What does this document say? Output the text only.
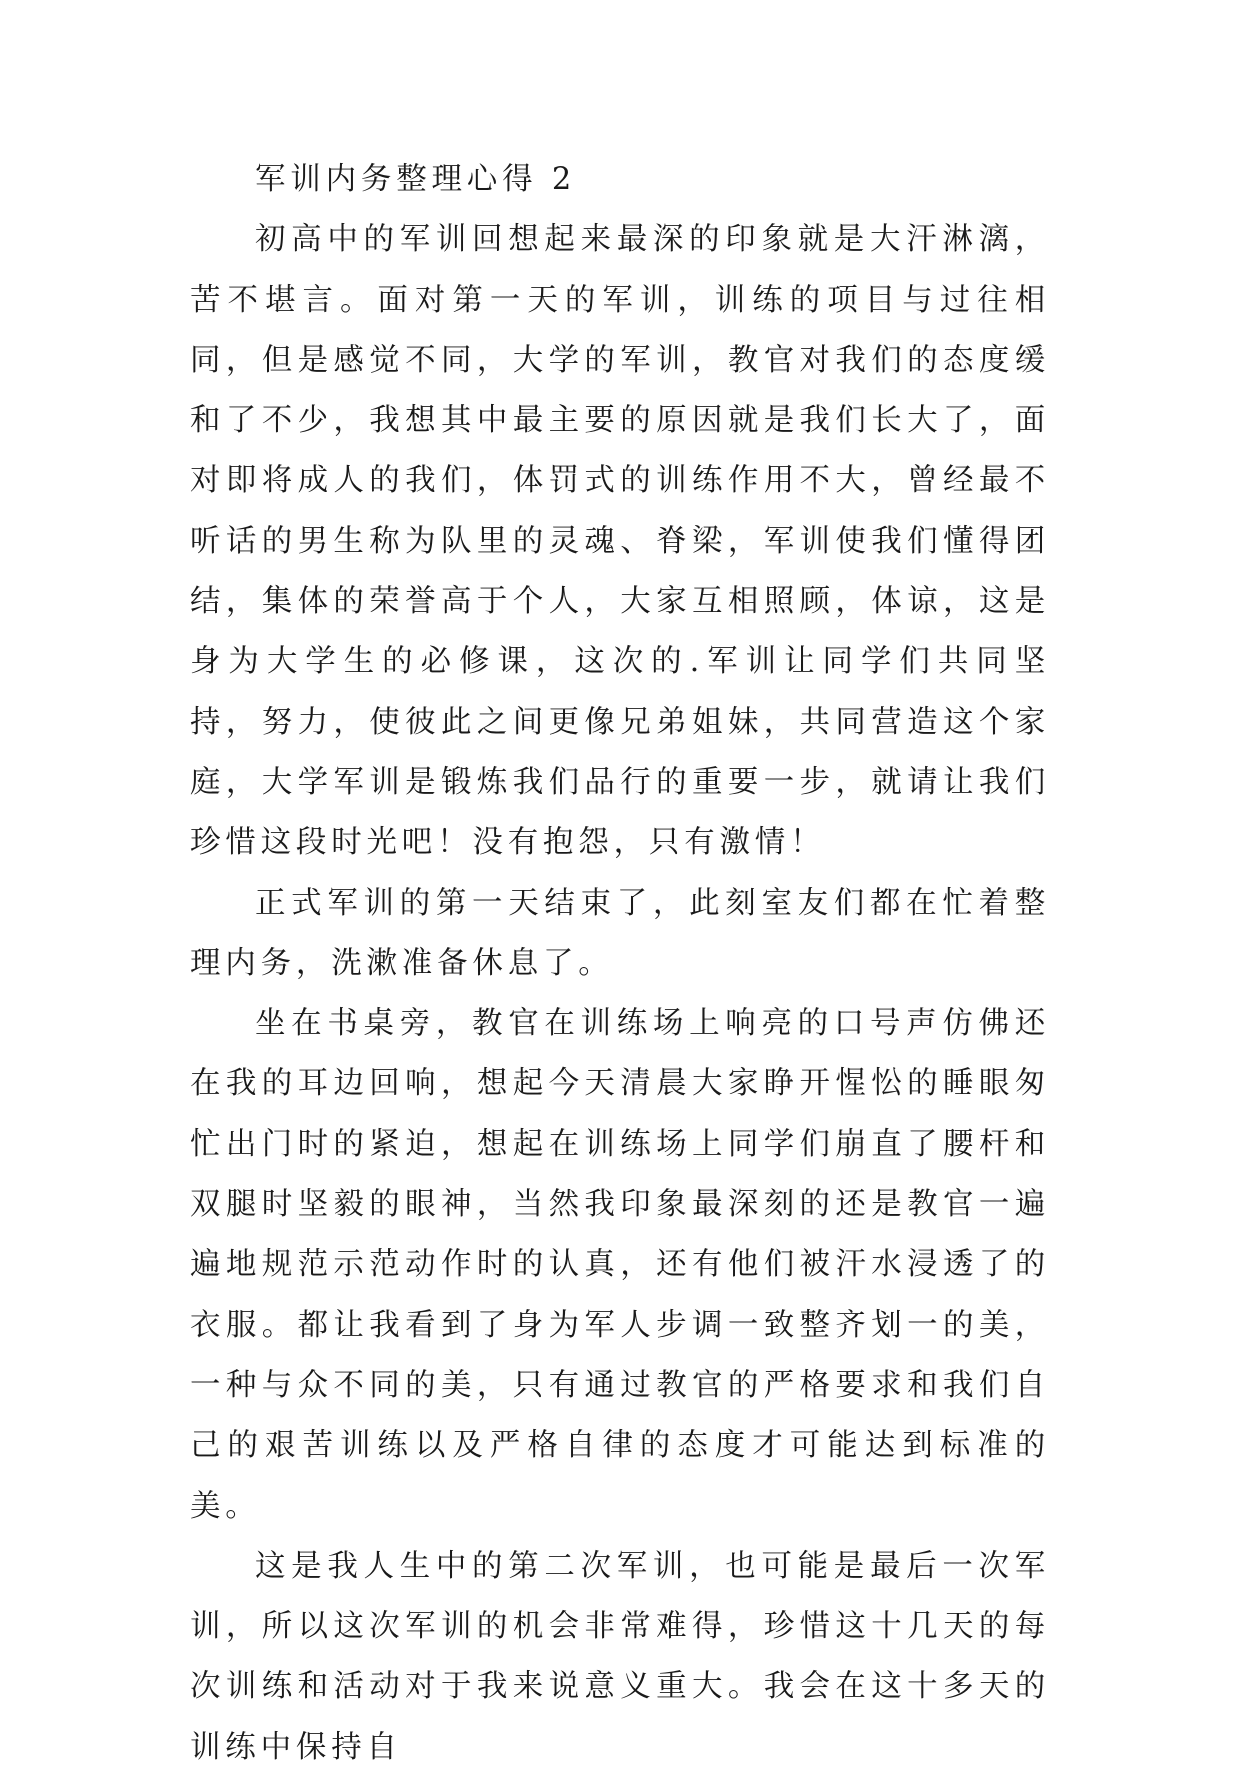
军训内务整理心得 2

初高中的军训回想起来最深的印象就是大汗淋漓，苦不堪言。面对第一天的军训，训练的项目与过往相同，但是感觉不同，大学的军训，教官对我们的态度缓和了不少，我想其中最主要的原因就是我们长大了，面对即将成人的我们，体罚式的训练作用不大，曾经最不听话的男生称为队里的灵魂、脊梁，军训使我们懂得团结，集体的荣誉高于个人，大家互相照顾，体谅，这是身为大学生的必修课，这次的.军训让同学们共同坚持，努力，使彼此之间更像兄弟姐妹，共同营造这个家庭，大学军训是锻炼我们品行的重要一步，就请让我们珍惜这段时光吧！没有抱怨，只有激情！

正式军训的第一天结束了，此刻室友们都在忙着整理内务，洗漱准备休息了。

坐在书桌旁，教官在训练场上响亮的口号声仿佛还在我的耳边回响，想起今天清晨大家睁开惺忪的睡眼匆忙出门时的紧迫，想起在训练场上同学们崩直了腰杆和双腿时坚毅的眼神，当然我印象最深刻的还是教官一遍遍地规范示范动作时的认真，还有他们被汗水浸透了的衣服。都让我看到了身为军人步调一致整齐划一的美，一种与众不同的美，只有通过教官的严格要求和我们自己的艰苦训练以及严格自律的态度才可能达到标准的美。

这是我人生中的第二次军训，也可能是最后一次军训，所以这次军训的机会非常难得，珍惜这十几天的每次训练和活动对于我来说意义重大。我会在这十多天的训练中保持自
